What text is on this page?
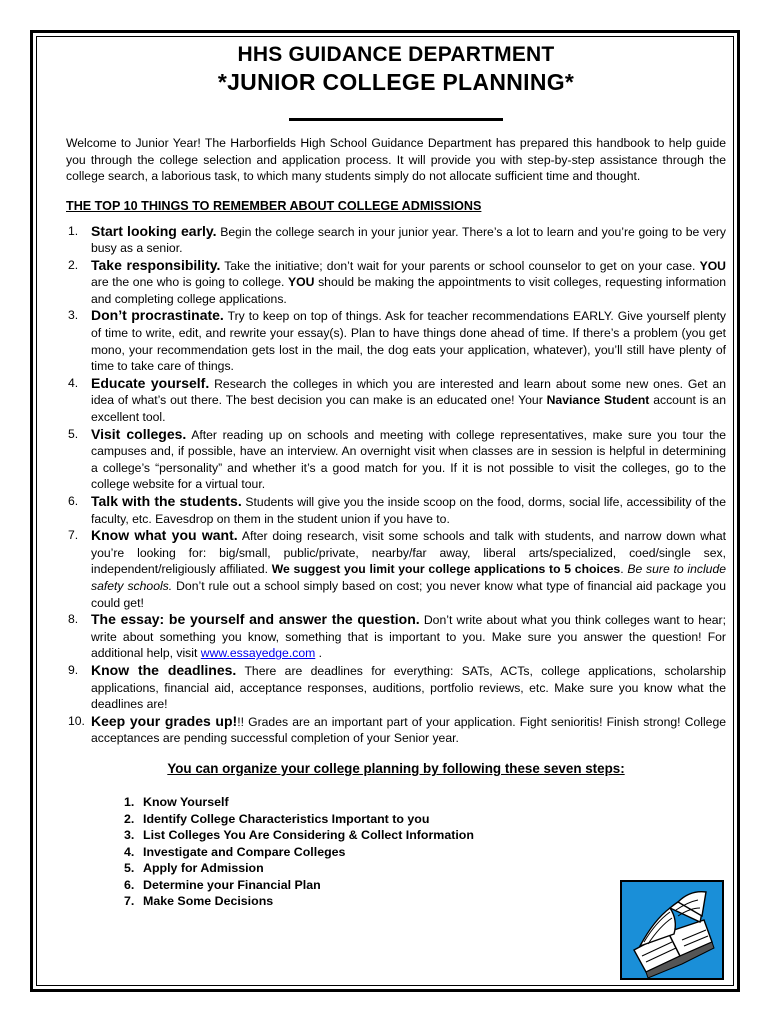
HHS GUIDANCE DEPARTMENT
*JUNIOR COLLEGE PLANNING*

Welcome to Junior Year! The Harborfields High School Guidance Department has prepared this handbook to help guide you through the college selection and application process. It will provide you with step-by-step assistance through the college search, a laborious task, to which many students simply do not allocate sufficient time and thought.

THE TOP 10 THINGS TO REMEMBER ABOUT COLLEGE ADMISSIONS
1. Start looking early. Begin the college search in your junior year. There’s a lot to learn and you’re going to be very busy as a senior.
2. Take responsibility. Take the initiative; don’t wait for your parents or school counselor to get on your case. YOU are the one who is going to college. YOU should be making the appointments to visit colleges, requesting information and completing college applications.
3. Don’t procrastinate. Try to keep on top of things. Ask for teacher recommendations EARLY. Give yourself plenty of time to write, edit, and rewrite your essay(s). Plan to have things done ahead of time. If there’s a problem (you get mono, your recommendation gets lost in the mail, the dog eats your application, whatever), you’ll still have plenty of time to take care of things.
4. Educate yourself. Research the colleges in which you are interested and learn about some new ones. Get an idea of what’s out there. The best decision you can make is an educated one! Your Naviance Student account is an excellent tool.
5. Visit colleges. After reading up on schools and meeting with college representatives, make sure you tour the campuses and, if possible, have an interview. An overnight visit when classes are in session is helpful in determining a college’s “personality” and whether it’s a good match for you. If it is not possible to visit the colleges, go to the college website for a virtual tour.
6. Talk with the students. Students will give you the inside scoop on the food, dorms, social life, accessibility of the faculty, etc. Eavesdrop on them in the student union if you have to.
7. Know what you want. After doing research, visit some schools and talk with students, and narrow down what you’re looking for: big/small, public/private, nearby/far away, liberal arts/specialized, coed/single sex, independent/religiously affiliated. We suggest you limit your college applications to 5 choices. Be sure to include safety schools. Don’t rule out a school simply based on cost; you never know what type of financial aid package you could get!
8. The essay: be yourself and answer the question. Don’t write about what you think colleges want to hear; write about something you know, something that is important to you. Make sure you answer the question! For additional help, visit www.essayedge.com .
9. Know the deadlines. There are deadlines for everything: SATs, ACTs, college applications, scholarship applications, financial aid, acceptance responses, auditions, portfolio reviews, etc. Make sure you know what the deadlines are!
10. Keep your grades up!!! Grades are an important part of your application. Fight senioritis! Finish strong! College acceptances are pending successful completion of your Senior year.
You can organize your college planning by following these seven steps:
1. Know Yourself
2. Identify College Characteristics Important to you
3. List Colleges You Are Considering & Collect Information
4. Investigate and Compare Colleges
5. Apply for Admission
6. Determine your Financial Plan
7. Make Some Decisions
